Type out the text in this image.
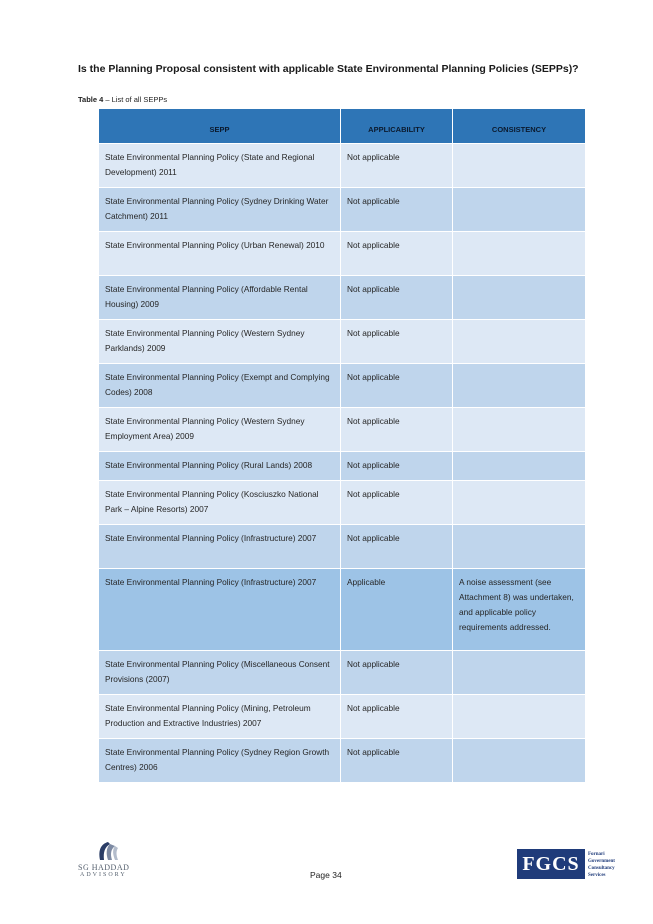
Is the Planning Proposal consistent with applicable State Environmental Planning Policies (SEPPs)?
Table 4 – List of all SEPPs
SEPP	APPLICABILITY	CONSISTENCY
State Environmental Planning Policy (State and Regional Development) 2011	Not applicable	
State Environmental Planning Policy (Sydney Drinking Water Catchment) 2011	Not applicable	
State Environmental Planning Policy (Urban Renewal) 2010	Not applicable	
State Environmental Planning Policy (Affordable Rental Housing) 2009	Not applicable	
State Environmental Planning Policy (Western Sydney Parklands) 2009	Not applicable	
State Environmental Planning Policy (Exempt and Complying Codes) 2008	Not applicable	
State Environmental Planning Policy (Western Sydney Employment Area) 2009	Not applicable	
State Environmental Planning Policy (Rural Lands) 2008	Not applicable	
State Environmental Planning Policy (Kosciuszko National Park – Alpine Resorts) 2007	Not applicable	
State Environmental Planning Policy (Infrastructure) 2007	Not applicable	
State Environmental Planning Policy (Infrastructure) 2007	Applicable	A noise assessment (see Attachment 8) was undertaken, and applicable policy requirements addressed.
State Environmental Planning Policy (Miscellaneous Consent Provisions (2007)	Not applicable	
State Environmental Planning Policy (Mining, Petroleum Production and Extractive Industries) 2007	Not applicable	
State Environmental Planning Policy (Sydney Region Growth Centres) 2006	Not applicable	
SG HADDAD
ADVISORY	Page 34	FGCS	Fornari
Government
Consultancy
Services
